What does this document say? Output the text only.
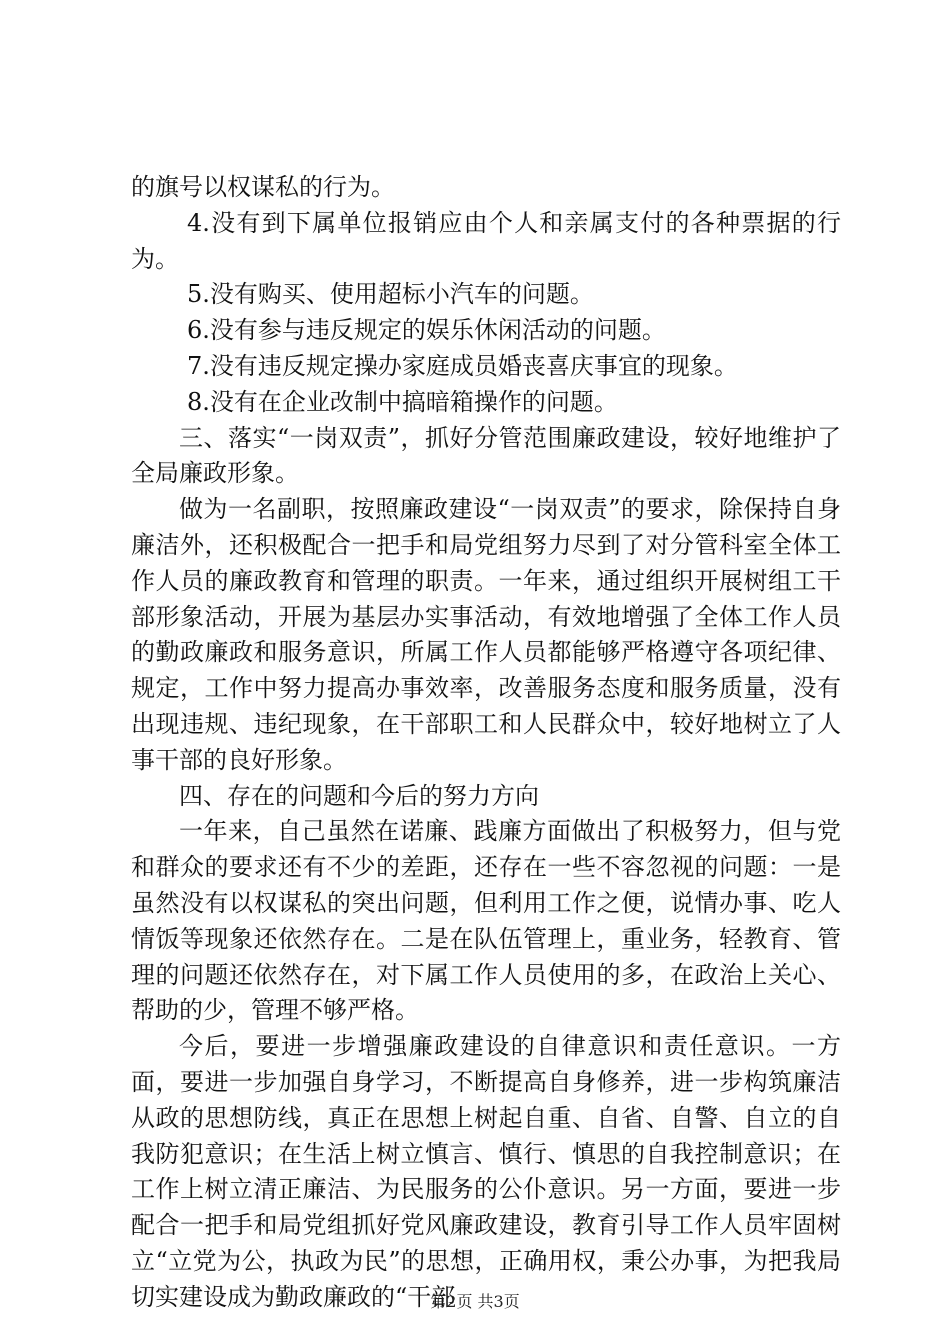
的旗号以权谋私的行为。

4.没有到下属单位报销应由个人和亲属支付的各种票据的行为。

5.没有购买、使用超标小汽车的问题。

6.没有参与违反规定的娱乐休闲活动的问题。

7.没有违反规定操办家庭成员婚丧喜庆事宜的现象。

8.没有在企业改制中搞暗箱操作的问题。

三、落实“一岗双责”，抓好分管范围廉政建设，较好地维护了全局廉政形象。

做为一名副职，按照廉政建设“一岗双责”的要求，除保持自身廉洁外，还积极配合一把手和局党组努力尽到了对分管科室全体工作人员的廉政教育和管理的职责。一年来，通过组织开展树组工干部形象活动，开展为基层办实事活动，有效地增强了全体工作人员的勤政廉政和服务意识，所属工作人员都能够严格遵守各项纪律、规定，工作中努力提高办事效率，改善服务态度和服务质量，没有出现违规、违纪现象，在干部职工和人民群众中，较好地树立了人事干部的良好形象。

四、存在的问题和今后的努力方向

一年来，自己虽然在诺廉、践廉方面做出了积极努力，但与党和群众的要求还有不少的差距，还存在一些不容忽视的问题：一是虽然没有以权谋私的突出问题，但利用工作之便，说情办事、吃人情饭等现象还依然存在。二是在队伍管理上，重业务，轻教育、管理的问题还依然存在，对下属工作人员使用的多，在政治上关心、帮助的少，管理不够严格。

今后，要进一步增强廉政建设的自律意识和责任意识。一方面，要进一步加强自身学习，不断提高自身修养，进一步构筑廉洁从政的思想防线，真正在思想上树起自重、自省、自警、自立的自我防犯意识；在生活上树立慎言、慎行、慎思的自我控制意识；在工作上树立清正廉洁、为民服务的公仆意识。另一方面，要进一步配合一把手和局党组抓好党风廉政建设，教育引导工作人员牢固树立“立党为公，执政为民”的思想，正确用权，秉公办事，为把我局切实建设成为勤政廉政的“干部

第2页 共3页
